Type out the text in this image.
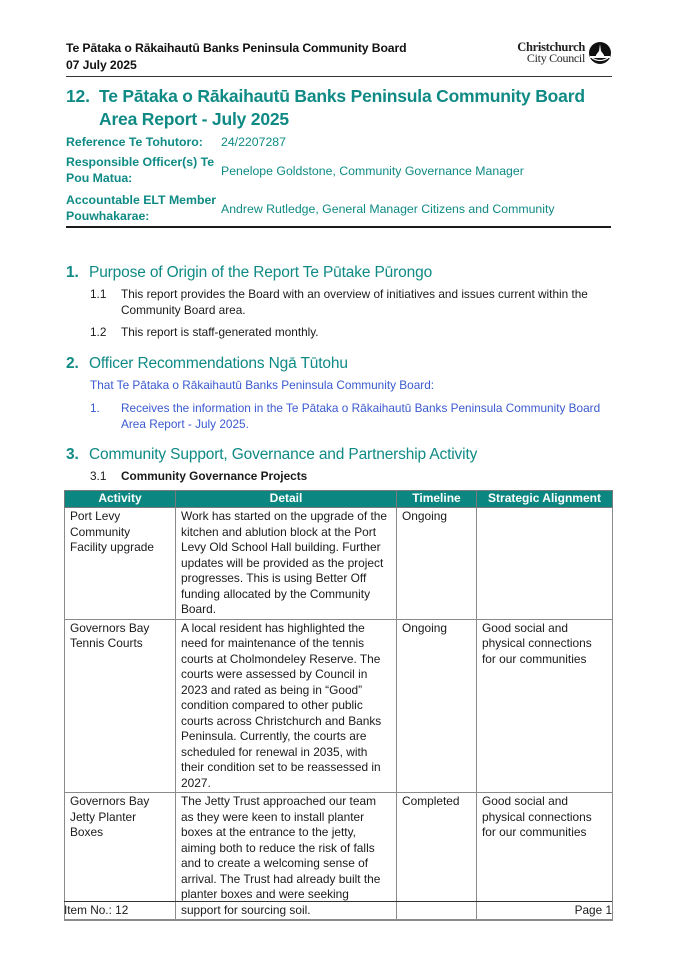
Te Pātaka o Rākaihautū Banks Peninsula Community Board
07 July 2025
Christchurch
City Council
12. Te Pātaka o Rākaihautū Banks Peninsula Community Board
Area Report - July 2025
Reference Te Tohutoro:	24/2207287
Responsible Officer(s) Te Pou Matua:	Penelope Goldstone, Community Governance Manager
Accountable ELT Member Pouwhakarae:	Andrew Rutledge, General Manager Citizens and Community
1. Purpose of Origin of the Report Te Pūtake Pūrongo
1.1	This report provides the Board with an overview of initiatives and issues current within the Community Board area.
1.2	This report is staff-generated monthly.
2. Officer Recommendations Ngā Tūtohu
That Te Pātaka o Rākaihautū Banks Peninsula Community Board:
1.	Receives the information in the Te Pātaka o Rākaihautū Banks Peninsula Community Board Area Report - July 2025.
3. Community Support, Governance and Partnership Activity
3.1 Community Governance Projects
Activity	Detail	Timeline	Strategic Alignment
Port Levy Community Facility upgrade	Work has started on the upgrade of the kitchen and ablution block at the Port Levy Old School Hall building. Further updates will be provided as the project progresses. This is using Better Off funding allocated by the Community Board.	Ongoing	
Governors Bay Tennis Courts	A local resident has highlighted the need for maintenance of the tennis courts at Cholmondeley Reserve. The courts were assessed by Council in 2023 and rated as being in “Good” condition compared to other public courts across Christchurch and Banks Peninsula. Currently, the courts are scheduled for renewal in 2035, with their condition set to be reassessed in 2027.	Ongoing	Good social and physical connections for our communities
Governors Bay Jetty Planter Boxes	The Jetty Trust approached our team as they were keen to install planter boxes at the entrance to the jetty, aiming both to reduce the risk of falls and to create a welcoming sense of arrival. The Trust had already built the planter boxes and were seeking support for sourcing soil.	Completed	Good social and physical connections for our communities
Item No.: 12	Page 1
